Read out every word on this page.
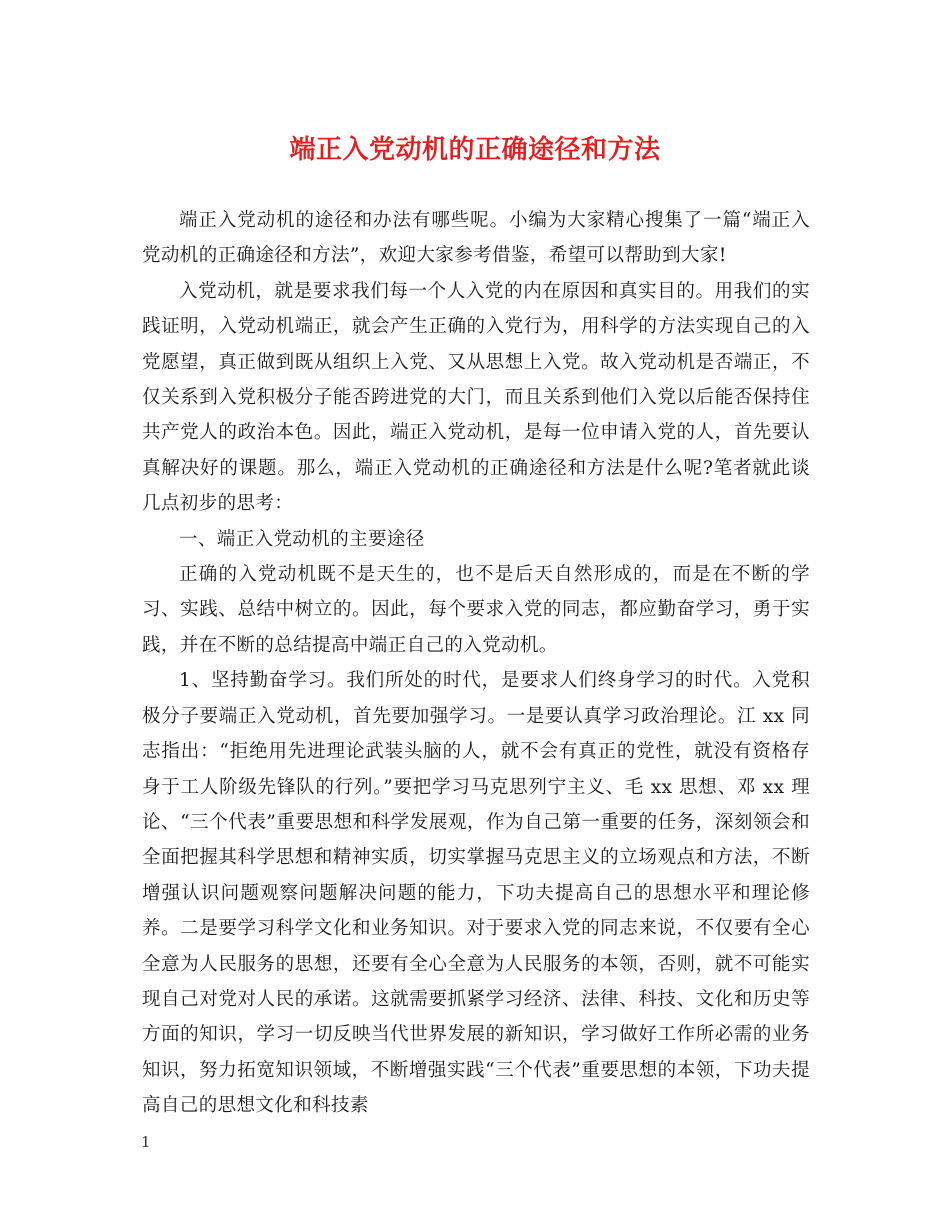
端正入党动机的正确途径和方法

端正入党动机的途径和办法有哪些呢。小编为大家精心搜集了一篇“端正入党动机的正确途径和方法”，欢迎大家参考借鉴，希望可以帮助到大家!

入党动机，就是要求我们每一个人入党的内在原因和真实目的。用我们的实践证明，入党动机端正，就会产生正确的入党行为，用科学的方法实现自己的入党愿望，真正做到既从组织上入党、又从思想上入党。故入党动机是否端正，不仅关系到入党积极分子能否跨进党的大门，而且关系到他们入党以后能否保持住共产党人的政治本色。因此，端正入党动机，是每一位申请入党的人，首先要认真解决好的课题。那么，端正入党动机的正确途径和方法是什么呢?笔者就此谈几点初步的思考：

一、端正入党动机的主要途径

正确的入党动机既不是天生的，也不是后天自然形成的，而是在不断的学习、实践、总结中树立的。因此，每个要求入党的同志，都应勤奋学习，勇于实践，并在不断的总结提高中端正自己的入党动机。

1、坚持勤奋学习。我们所处的时代，是要求人们终身学习的时代。入党积极分子要端正入党动机，首先要加强学习。一是要认真学习政治理论。江 xx 同志指出：“拒绝用先进理论武装头脑的人，就不会有真正的党性，就没有资格存身于工人阶级先锋队的行列。”要把学习马克思列宁主义、毛 xx 思想、邓 xx 理论、“三个代表”重要思想和科学发展观，作为自己第一重要的任务，深刻领会和全面把握其科学思想和精神实质，切实掌握马克思主义的立场观点和方法，不断增强认识问题观察问题解决问题的能力，下功夫提高自己的思想水平和理论修养。二是要学习科学文化和业务知识。对于要求入党的同志来说，不仅要有全心全意为人民服务的思想，还要有全心全意为人民服务的本领，否则，就不可能实现自己对党对人民的承诺。这就需要抓紧学习经济、法律、科技、文化和历史等方面的知识，学习一切反映当代世界发展的新知识，学习做好工作所必需的业务知识，努力拓宽知识领域，不断增强实践“三个代表”重要思想的本领，下功夫提高自己的思想文化和科技素

1
